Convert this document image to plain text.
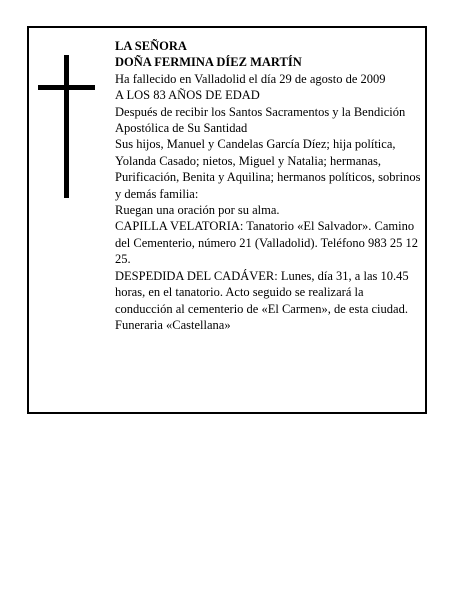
LA SEÑORA

DOÑA FERMINA DÍEZ MARTÍN

Ha fallecido en Valladolid el día 29 de agosto de 2009

A LOS 83 AÑOS DE EDAD

Después de recibir los Santos Sacramentos y la Bendición Apostólica de Su Santidad

Sus hijos, Manuel y Candelas García Díez; hija política, Yolanda Casado; nietos, Miguel y Natalia; hermanas, Purificación, Benita y Aquilina; hermanos políticos, sobrinos y demás familia:

Ruegan una oración por su alma.

CAPILLA VELATORIA: Tanatorio «El Salvador». Camino del Cementerio, número 21 (Valladolid). Teléfono 983 25 12 25.

DESPEDIDA DEL CADÁVER: Lunes, día 31, a las 10.45 horas, en el tanatorio. Acto seguido se realizará la conducción al cementerio de «El Carmen», de esta ciudad.

Funeraria «Castellana»
